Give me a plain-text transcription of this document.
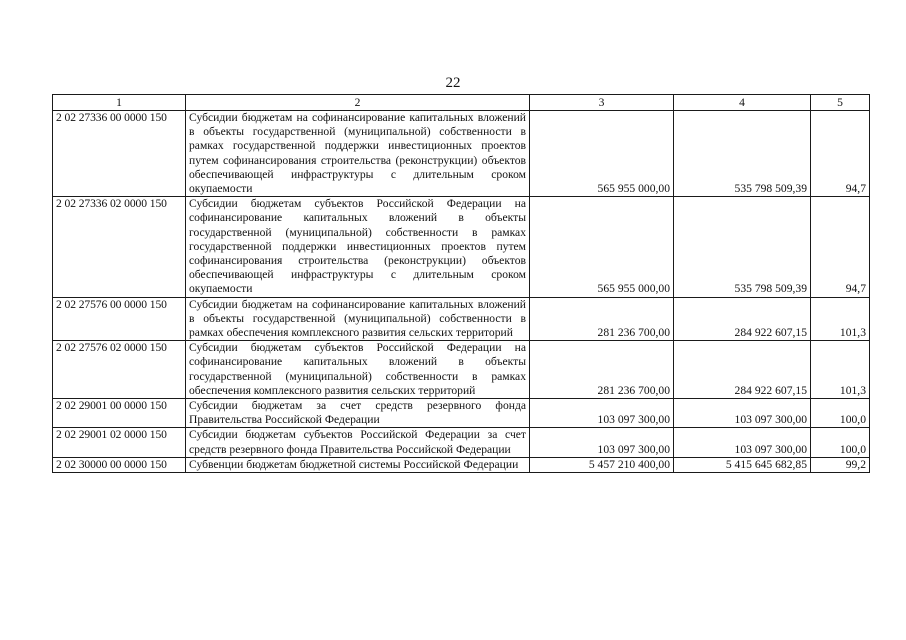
22
1	2	3	4	5
2 02 27336 00 0000 150	Субсидии бюджетам на софинансирование капитальных вложений в объекты государственной (муниципальной) собственности в рамках государственной поддержки инвестиционных проектов путем софинансирования строительства (реконструкции) объектов обеспечивающей инфраструктуры с длительным сроком окупаемости	565 955 000,00	535 798 509,39	94,7
2 02 27336 02 0000 150	Субсидии бюджетам субъектов Российской Федерации на софинансирование капитальных вложений в объекты государственной (муниципальной) собственности в рамках государственной поддержки инвестиционных проектов путем софинансирования строительства (реконструкции) объектов обеспечивающей инфраструктуры с длительным сроком окупаемости	565 955 000,00	535 798 509,39	94,7
2 02 27576 00 0000 150	Субсидии бюджетам на софинансирование капитальных вложений в объекты государственной (муниципальной) собственности в рамках обеспечения комплексного развития сельских территорий	281 236 700,00	284 922 607,15	101,3
2 02 27576 02 0000 150	Субсидии бюджетам субъектов Российской Федерации на софинансирование капитальных вложений в объекты государственной (муниципальной) собственности в рамках обеспечения комплексного развития сельских территорий	281 236 700,00	284 922 607,15	101,3
2 02 29001 00 0000 150	Субсидии бюджетам за счет средств резервного фонда Правительства Российской Федерации	103 097 300,00	103 097 300,00	100,0
2 02 29001 02 0000 150	Субсидии бюджетам субъектов Российской Федерации за счет средств резервного фонда Правительства Российской Федерации	103 097 300,00	103 097 300,00	100,0
2 02 30000 00 0000 150	Субвенции бюджетам бюджетной системы Российской Федерации	5 457 210 400,00	5 415 645 682,85	99,2
